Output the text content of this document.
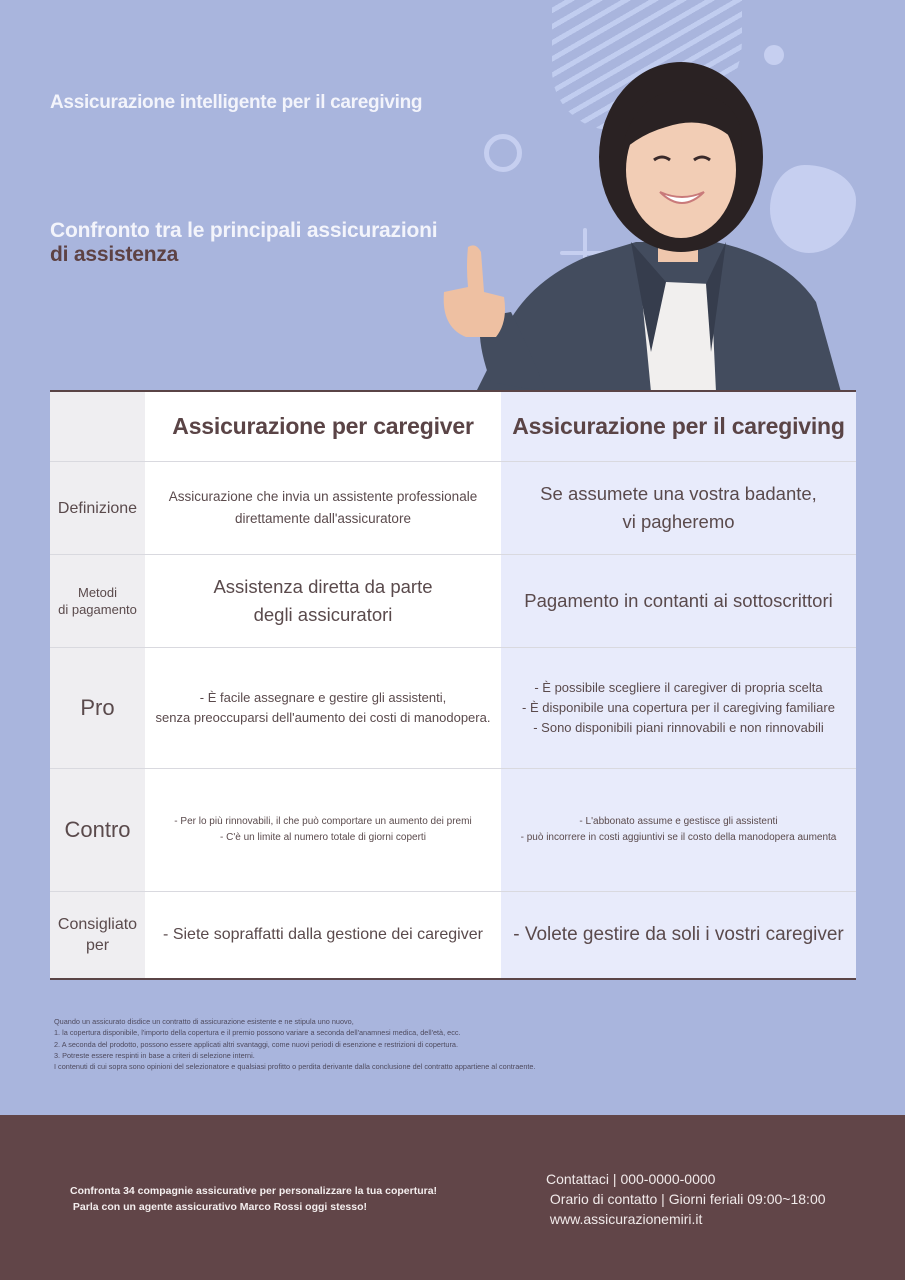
Assicurazione intelligente per il caregiving
Confronto tra le principali assicurazioni
di assistenza
Assicurazione per caregiver Assicurazione per il caregiving
Definizione
Assicurazione che invia un assistente professionale
direttamente dall'assicuratore
Se assumete una vostra badante,
vi pagheremo
Metodi
di pagamento
Assistenza diretta da parte
degli assicuratori
Pagamento in contanti ai sottoscrittori
Pro	- È facile assegnare e gestire gli assistenti,
senza preoccuparsi dell'aumento dei costi di manodopera.
- È possibile scegliere il caregiver di propria scelta
- È disponibile una copertura per il caregiving familiare
- Sono disponibili piani rinnovabili e non rinnovabili
Contro	- Per lo più rinnovabili, il che può comportare un aumento dei premi
- C'è un limite al numero totale di giorni coperti
- L'abbonato assume e gestisce gli assistenti
- può incorrere in costi aggiuntivi se il costo della manodopera aumenta
Consigliato
per
- Siete sopraffatti dalla gestione dei caregiver - Volete gestire da soli i vostri caregiver
Quando un assicurato disdice un contratto di assicurazione esistente e ne stipula uno nuovo,
1. la copertura disponibile, l'importo della copertura e il premio possono variare a seconda dell'anamnesi medica, dell'età, ecc.
2. A seconda del prodotto, possono essere applicati altri svantaggi, come nuovi periodi di esenzione e restrizioni di copertura.
3. Potreste essere respinti in base a criteri di selezione interni.
I contenuti di cui sopra sono opinioni del selezionatore e qualsiasi profitto o perdita derivante dalla conclusione del contratto appartiene al contraente.
Confronta 34 compagnie assicurative per personalizzare la tua copertura!
Parla con un agente assicurativo Marco Rossi oggi stesso!
Contattaci | 000-0000-0000
Orario di contatto | Giorni feriali 09:00~18:00
www.assicurazionemiri.it
